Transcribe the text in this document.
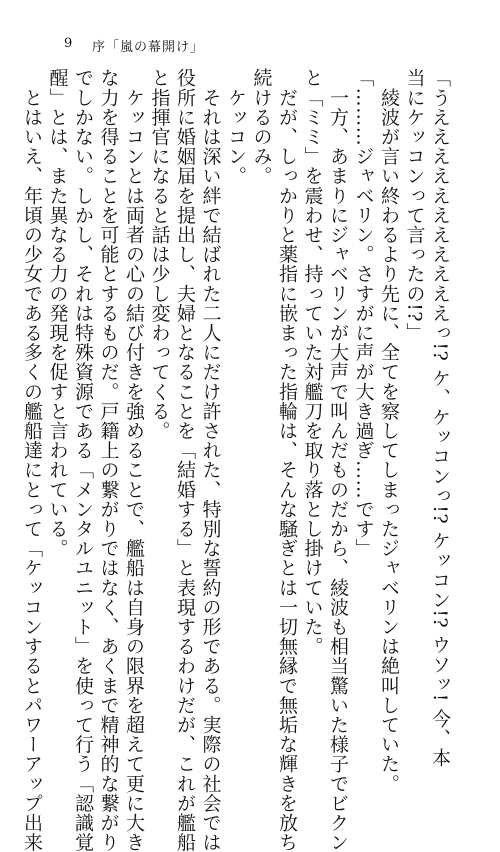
9 序「嵐の幕開け」
「うえええええええええええっ!? ケ、ケッコンっ!? ケッコン!? ウソッ! 今、本
当にケッコンって言ったの!?」
　綾波が言い終わるより先に、全てを察してしまったジャベリンは絶叫していた。
「………ジャベリン。さすがに声が大き過ぎ……です」
　一方、あまりにジャベリンが大声で叫んだものだから、綾波も相当驚いた様子でビクン
と「ミミ」を震わせ、持っていた対艦刀を取り落とし掛けていた。
　だが、しっかりと薬指に嵌まった指輪は、そんな騒ぎとは一切無縁で無垢な輝きを放ち
続けるのみ。
　ケッコン。
　それは深い絆で結ばれた二人にだけ許された、特別な誓約の形である。実際の社会では
役所に婚姻届を提出し、夫婦となることを「結婚する」と表現するわけだが、これが艦船
と指揮官になると話は少し変わってくる。
　ケッコンとは両者の心の結び付きを強めることで、艦船は自身の限界を超えて更に大き
な力を得ることを可能とするものだ。戸籍上の繋がりではなく、あくまで精神的な繋がり
でしかない。しかし、それは特殊資源である「メンタルユニット」を使って行う「認識覚
醒」とは、また異なる力の発現を促すと言われている。
　とはいえ、年頃の少女である多くの艦船達にとって「ケッコンするとパワーアップ出来
